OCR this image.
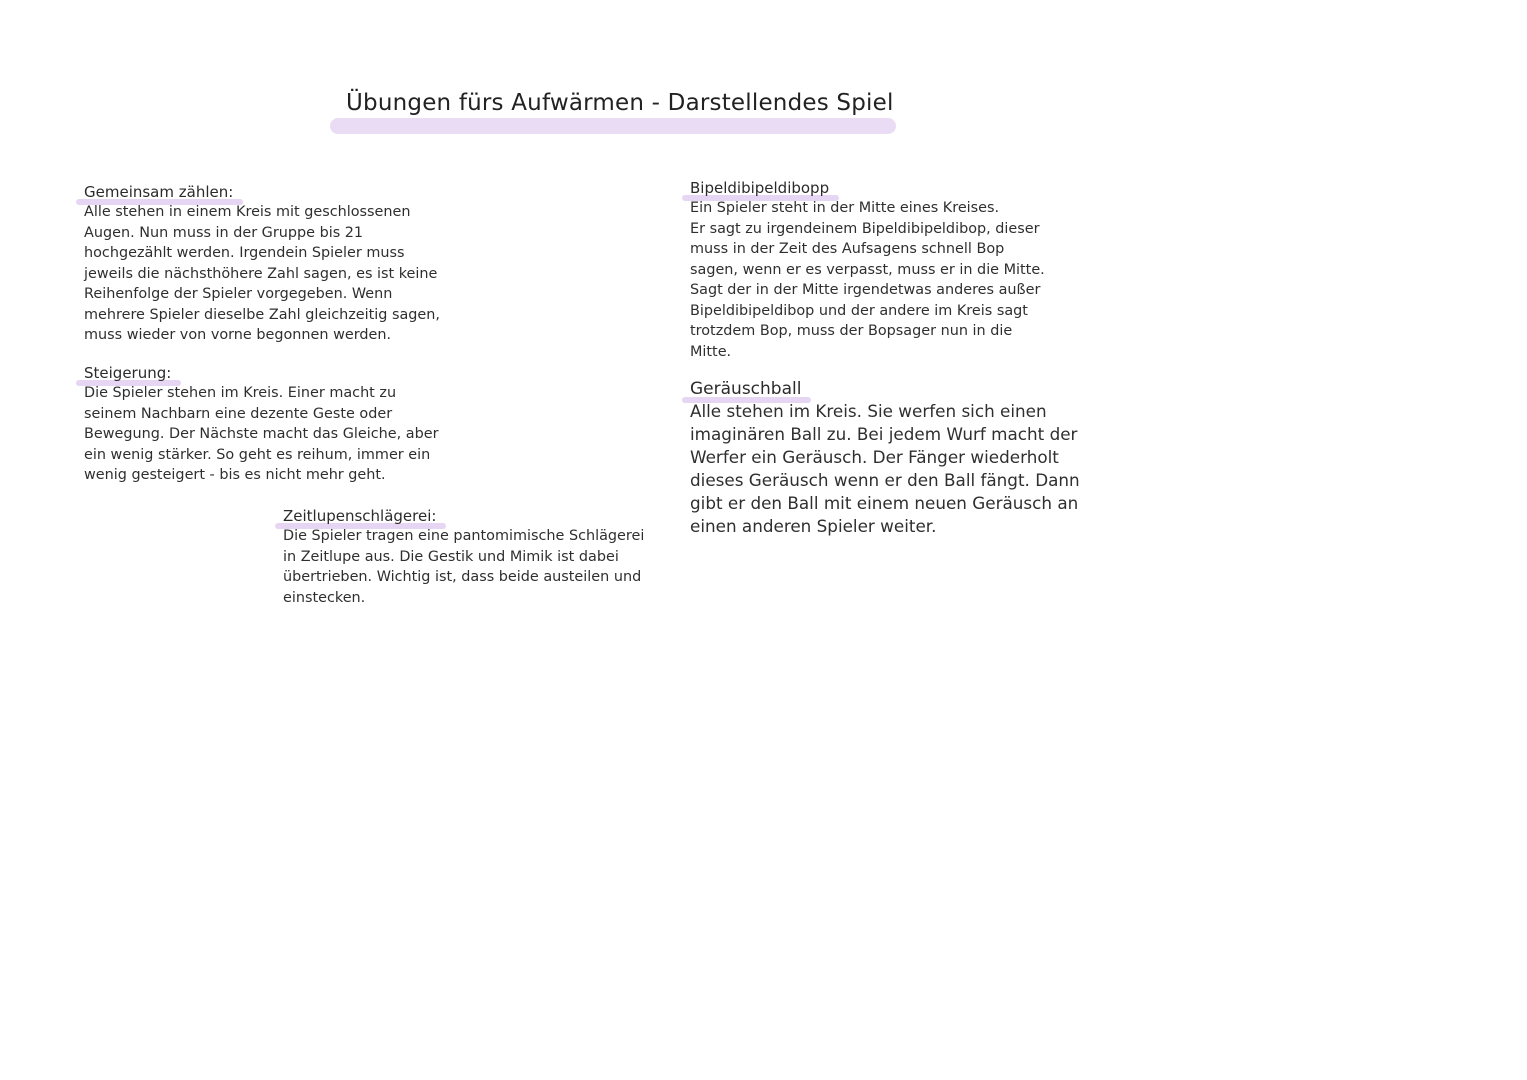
Übungen fürs Aufwärmen - Darstellendes Spiel
Gemeinsam zählen:
Alle stehen in einem Kreis mit geschlossenen
Augen. Nun muss in der Gruppe bis 21
hochgezählt werden. Irgendein Spieler muss
jeweils die nächsthöhere Zahl sagen, es ist keine
Reihenfolge der Spieler vorgegeben. Wenn
mehrere Spieler dieselbe Zahl gleichzeitig sagen,
muss wieder von vorne begonnen werden.
Steigerung:
Die Spieler stehen im Kreis. Einer macht zu
seinem Nachbarn eine dezente Geste oder
Bewegung. Der Nächste macht das Gleiche, aber
ein wenig stärker. So geht es reihum, immer ein
wenig gesteigert - bis es nicht mehr geht.
Zeitlupenschlägerei:
Die Spieler tragen eine pantomimische Schlägerei
in Zeitlupe aus. Die Gestik und Mimik ist dabei
übertrieben. Wichtig ist, dass beide austeilen und
einstecken.
Bipeldibipeldibopp
Ein Spieler steht in der Mitte eines Kreises.
Er sagt zu irgendeinem Bipeldibipeldibop, dieser
muss in der Zeit des Aufsagens schnell Bop
sagen, wenn er es verpasst, muss er in die Mitte.
Sagt der in der Mitte irgendetwas anderes außer
Bipeldibipeldibop und der andere im Kreis sagt
trotzdem Bop, muss der Bopsager nun in die
Mitte.
Geräuschball
Alle stehen im Kreis. Sie werfen sich einen
imaginären Ball zu. Bei jedem Wurf macht der
Werfer ein Geräusch. Der Fänger wiederholt
dieses Geräusch wenn er den Ball fängt. Dann
gibt er den Ball mit einem neuen Geräusch an
einen anderen Spieler weiter.
